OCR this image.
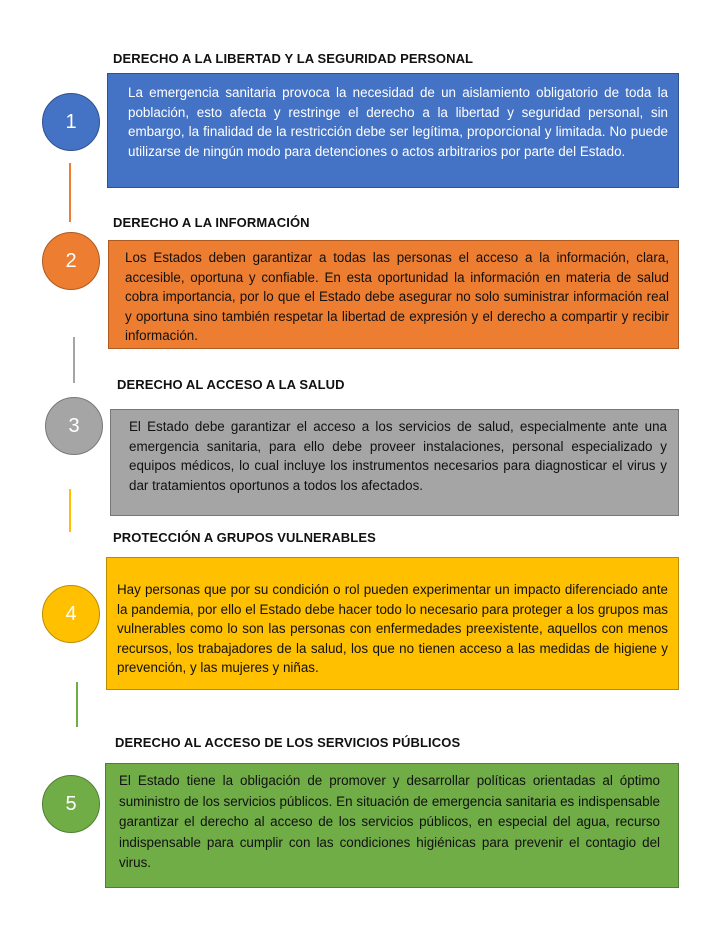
DERECHO A LA LIBERTAD Y LA SEGURIDAD PERSONAL
1
La emergencia sanitaria provoca la necesidad de un aislamiento obligatorio de toda la población, esto afecta y restringe el derecho a la libertad y seguridad personal, sin embargo, la finalidad de la restricción debe ser legítima, proporcional y limitada. No puede utilizarse de ningún modo para detenciones o actos arbitrarios por parte del Estado.
DERECHO A LA INFORMACIÓN
2	Los Estados deben garantizar a todas las personas el acceso a la información, clara, accesible, oportuna y confiable. En esta oportunidad la información en materia de salud cobra importancia, por lo que el Estado debe asegurar no solo suministrar información real y oportuna sino también respetar la libertad de expresión y el derecho a compartir y recibir información.
DERECHO AL ACCESO A LA SALUD
3	El Estado debe garantizar el acceso a los servicios de salud, especialmente ante una emergencia sanitaria, para ello debe proveer instalaciones, personal especializado y equipos médicos, lo cual incluye los instrumentos necesarios para diagnosticar el virus y dar tratamientos oportunos a todos los afectados.
PROTECCIÓN A GRUPOS VULNERABLES
4
Hay personas que por su condición o rol pueden experimentar un impacto diferenciado ante la pandemia, por ello el Estado debe hacer todo lo necesario para proteger a los grupos mas vulnerables como lo son las personas con enfermedades preexistente, aquellos con menos recursos, los trabajadores de la salud, los que no tienen acceso a las medidas de higiene y prevención, y las mujeres y niñas.
DERECHO AL ACCESO DE LOS SERVICIOS PÚBLICOS
5
El Estado tiene la obligación de promover y desarrollar políticas orientadas al óptimo suministro de los servicios públicos. En situación de emergencia sanitaria es indispensable garantizar el derecho al acceso de los servicios públicos, en especial del agua, recurso indispensable para cumplir con las condiciones higiénicas para prevenir el contagio del virus.
